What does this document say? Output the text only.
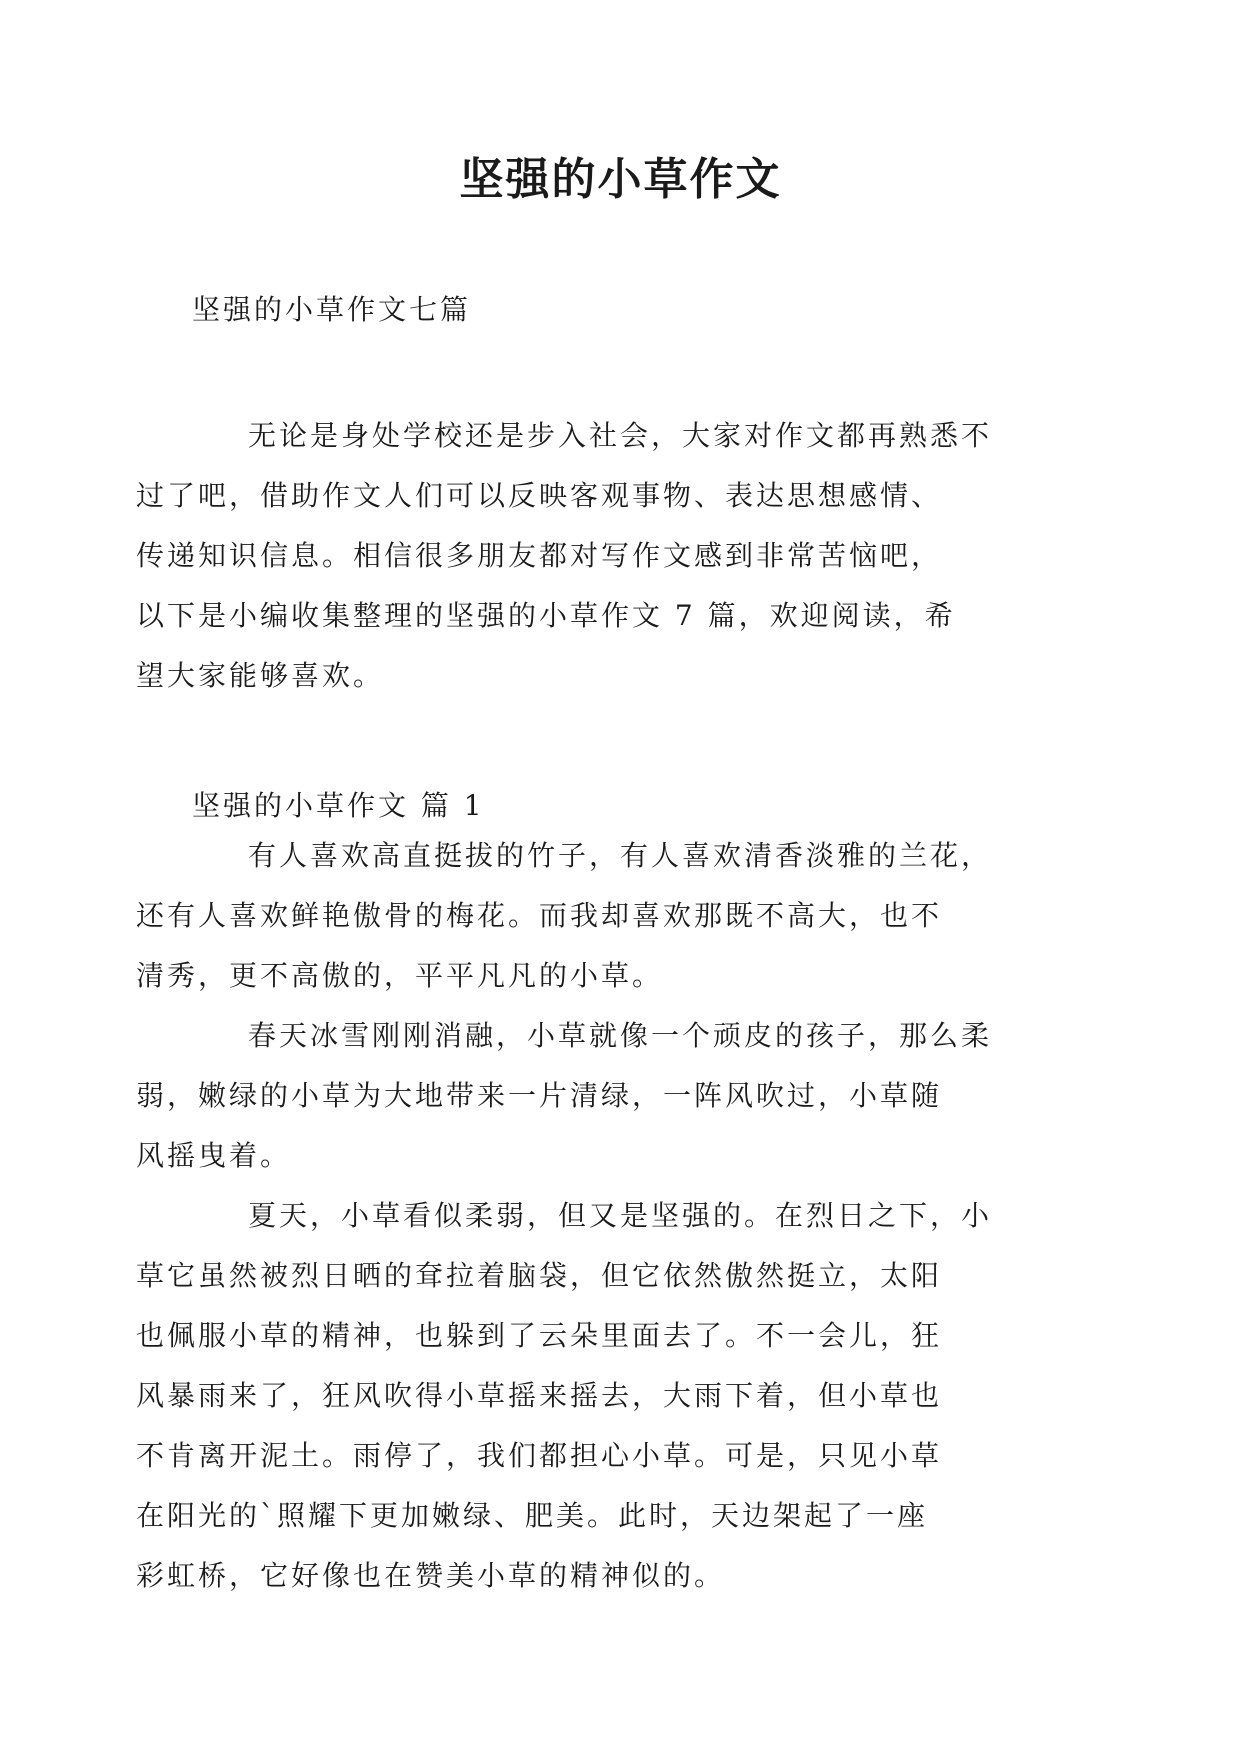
坚强的小草作文

坚强的小草作文七篇

无论是身处学校还是步入社会，大家对作文都再熟悉不
过了吧，借助作文人们可以反映客观事物、表达思想感情、
传递知识信息。相信很多朋友都对写作文感到非常苦恼吧，
以下是小编收集整理的坚强的小草作文 7 篇，欢迎阅读，希
望大家能够喜欢。

坚强的小草作文 篇 1

有人喜欢高直挺拔的竹子，有人喜欢清香淡雅的兰花，
还有人喜欢鲜艳傲骨的梅花。而我却喜欢那既不高大，也不
清秀，更不高傲的，平平凡凡的小草。

春天冰雪刚刚消融，小草就像一个顽皮的孩子，那么柔
弱，嫩绿的小草为大地带来一片清绿，一阵风吹过，小草随
风摇曳着。

夏天，小草看似柔弱，但又是坚强的。在烈日之下，小
草它虽然被烈日晒的耷拉着脑袋，但它依然傲然挺立，太阳
也佩服小草的精神，也躲到了云朵里面去了。不一会儿，狂
风暴雨来了，狂风吹得小草摇来摇去，大雨下着，但小草也
不肯离开泥土。雨停了，我们都担心小草。可是，只见小草
在阳光的`照耀下更加嫩绿、肥美。此时，天边架起了一座
彩虹桥，它好像也在赞美小草的精神似的。
